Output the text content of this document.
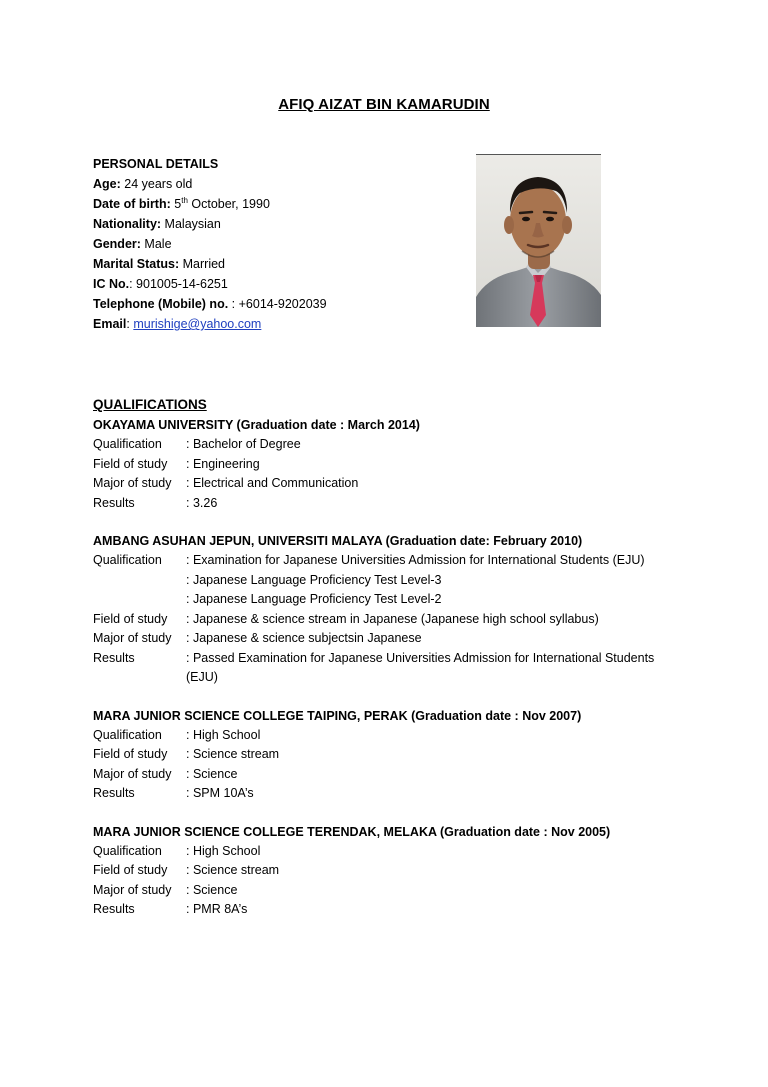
AFIQ AIZAT BIN KAMARUDIN
PERSONAL DETAILS
Age: 24 years old
Date of birth: 5th October, 1990
Nationality: Malaysian
Gender: Male
Marital Status: Married
IC No.: 901005-14-6251
Telephone (Mobile) no. : +6014-9202039
Email: murishige@yahoo.com
QUALIFICATIONS
OKAYAMA UNIVERSITY (Graduation date : March 2014)
Qualification	: Bachelor of Degree
Field of study	: Engineering
Major of study	: Electrical and Communication
Results	: 3.26
AMBANG ASUHAN JEPUN, UNIVERSITI MALAYA (Graduation date: February 2010)
Qualification	: Examination for Japanese Universities Admission for International Students (EJU)
: Japanese Language Proficiency Test Level-3
: Japanese Language Proficiency Test Level-2
Field of study	: Japanese & science stream in Japanese (Japanese high school syllabus)
Major of study	: Japanese & science subjectsin Japanese
Results	: Passed Examination for Japanese Universities Admission for International Students
(EJU)
MARA JUNIOR SCIENCE COLLEGE TAIPING, PERAK (Graduation date : Nov 2007)
Qualification	: High School
Field of study	: Science stream
Major of study	: Science
Results	: SPM 10A’s
MARA JUNIOR SCIENCE COLLEGE TERENDAK, MELAKA (Graduation date : Nov 2005)
Qualification	: High School
Field of study	: Science stream
Major of study	: Science
Results	: PMR 8A’s
